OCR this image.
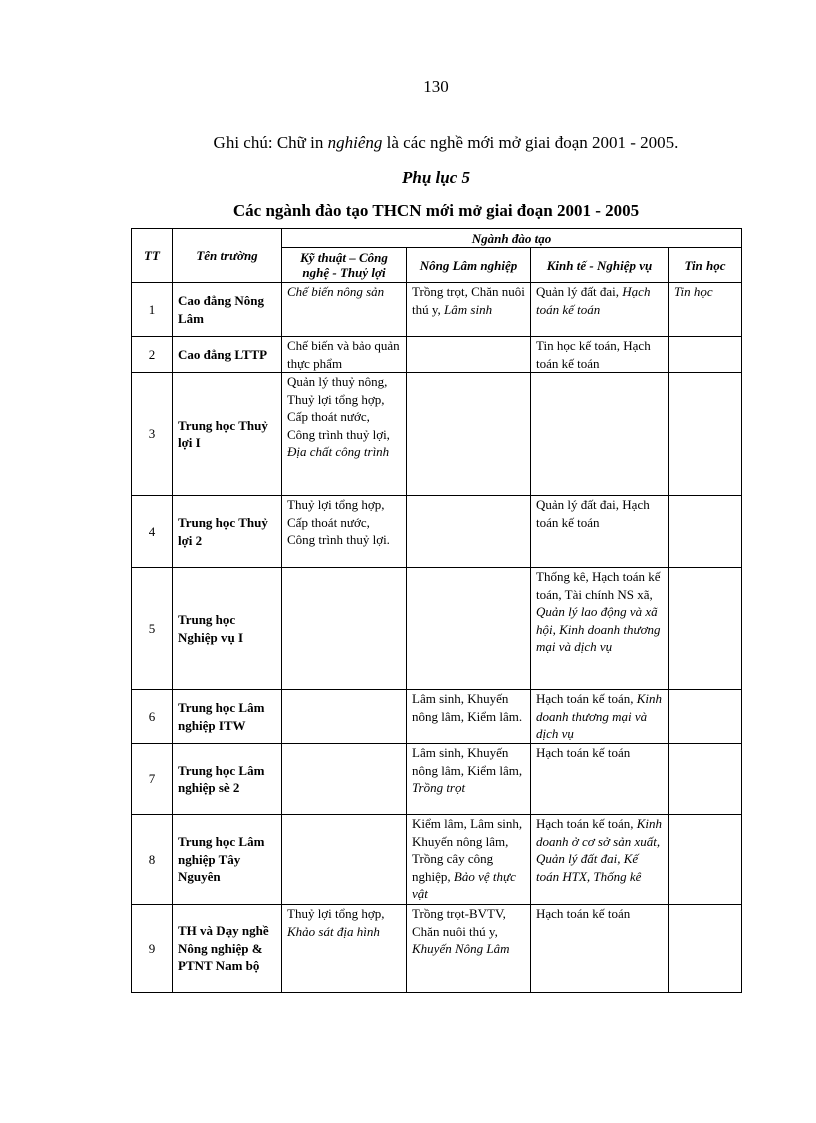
130
Ghi chú: Chữ in nghiêng là các nghề mới mở giai đoạn 2001 - 2005.
Phụ lục 5
Các ngành đào tạo THCN mới mở giai đoạn 2001 - 2005
TT	Tên trường	Ngành đào tạo			
		Kỹ thuật – Công nghệ - Thuỷ lợi	Nông Lâm nghiệp	Kinh tế - Nghiệp vụ	Tin học
1	Cao đẳng Nông Lâm	Chế biến nông sản	Trồng trọt, Chăn nuôi thú y, Lâm sinh	Quản lý đất đai, Hạch toán kế toán	Tin học
2	Cao đẳng LTTP	Chế biến và bảo quản thực phẩm		Tin học kế toán, Hạch toán kế toán	
3	Trung học Thuỷ lợi I	Quản lý thuỷ nông, Thuỷ lợi tổng hợp, Cấp thoát nước, Công trình thuỷ lợi, Địa chất công trình			
4	Trung học Thuỷ lợi 2	Thuỷ lợi tổng hợp, Cấp thoát nước, Công trình thuỷ lợi.		Quản lý đất đai, Hạch toán kế toán	
5	Trung học Nghiệp vụ I			Thống kê, Hạch toán kế toán, Tài chính NS xã, Quản lý lao động và xã hội, Kinh doanh thương mại và dịch vụ	
6	Trung học Lâm nghiệp ITW		Lâm sinh, Khuyến nông lâm, Kiểm lâm.	Hạch toán kế toán, Kinh doanh thương mại và dịch vụ	
7	Trung học Lâm nghiệp sè 2		Lâm sinh, Khuyến nông lâm, Kiểm lâm, Trồng trọt	Hạch toán kế toán	
8	Trung học Lâm nghiệp Tây Nguyên		Kiểm lâm, Lâm sinh, Khuyến nông lâm, Trồng cây công nghiệp, Bảo vệ thực vật	Hạch toán kế toán, Kinh doanh ở cơ sở sản xuất, Quản lý đất đai, Kế toán HTX, Thống kê	
9	TH và Dạy nghề Nông nghiệp & PTNT Nam bộ	Thuỷ lợi tổng hợp, Khảo sát địa hình	Trồng trọt-BVTV, Chăn nuôi thú y, Khuyến Nông Lâm	Hạch toán kế toán	
